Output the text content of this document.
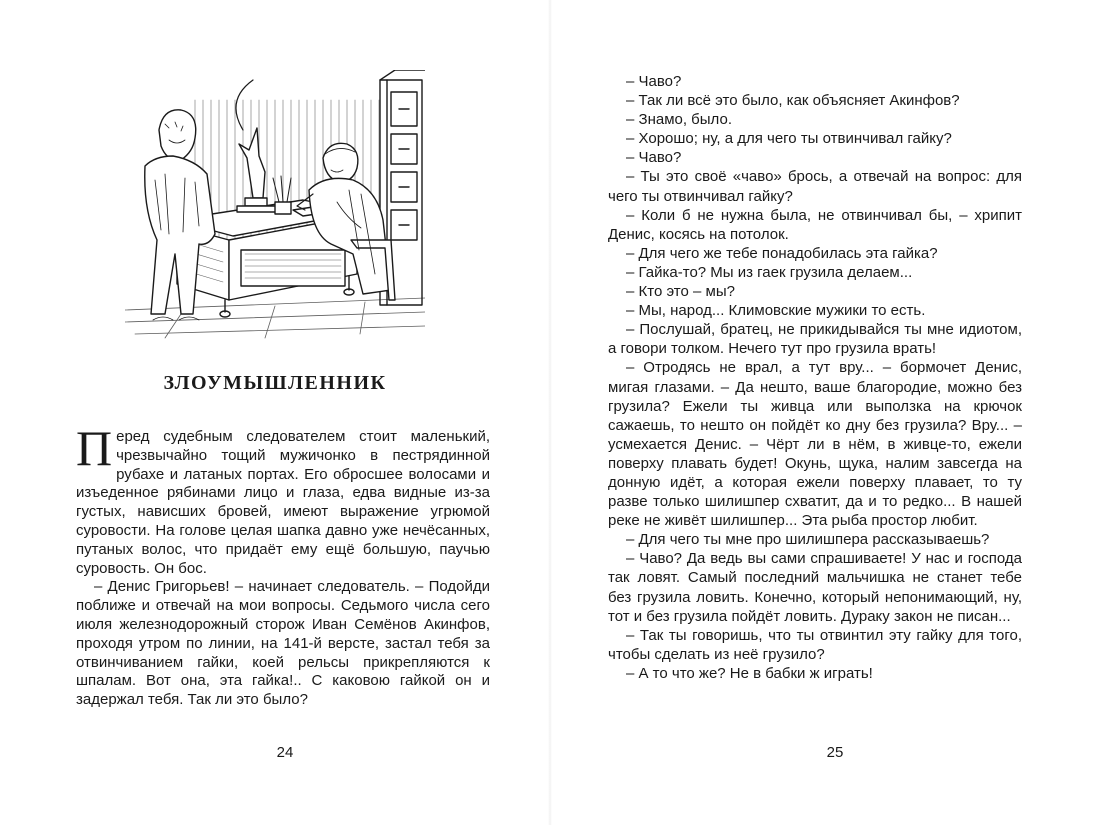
ЗЛОУМЫШЛЕННИК

Перед судебным следователем стоит маленький, чрезвычайно тощий мужичонко в пестрядинной рубахе и латаных портах. Его обросшее волосами и изъеденное рябинами лицо и глаза, едва видные из-за густых, нависших бровей, имеют выражение угрюмой суровости. На голове целая шапка давно уже нечёсанных, путаных волос, что придаёт ему ещё большую, паучью суровость. Он бос.

– Денис Григорьев! – начинает следователь. – Подойди поближе и отвечай на мои вопросы. Седьмого числа сего июля железнодорожный сторож Иван Семёнов Акинфов, проходя утром по линии, на 141-й версте, застал тебя за отвинчиванием гайки, коей рельсы прикрепляются к шпалам. Вот она, эта гайка!.. С каковою гайкой он и задержал тебя. Так ли это было?

24

– Чаво?

– Так ли всё это было, как объясняет Акинфов?

– Знамо, было.

– Хорошо; ну, а для чего ты отвинчивал гайку?

– Чаво?

– Ты это своё «чаво» брось, а отвечай на вопрос: для чего ты отвинчивал гайку?

– Коли б не нужна была, не отвинчивал бы, – хрипит Денис, косясь на потолок.

– Для чего же тебе понадобилась эта гайка?

– Гайка-то? Мы из гаек грузила делаем...

– Кто это – мы?

– Мы, народ... Климовские мужики то есть.

– Послушай, братец, не прикидывайся ты мне идиотом, а говори толком. Нечего тут про грузила врать!

– Отродясь не врал, а тут вру... – бормочет Денис, мигая глазами. – Да нешто, ваше благородие, можно без грузила? Ежели ты живца или выползка на крючок сажаешь, то нешто он пойдёт ко дну без грузила? Вру... – усмехается Денис. – Чёрт ли в нём, в живце-то, ежели поверху плавать будет! Окунь, щука, налим завсегда на донную идёт, а которая ежели поверху плавает, то ту разве только шилишпер схватит, да и то редко... В нашей реке не живёт шилишпер... Эта рыба простор любит.

– Для чего ты мне про шилишпера рассказываешь?

– Чаво? Да ведь вы сами спрашиваете! У нас и господа так ловят. Самый последний мальчишка не станет тебе без грузила ловить. Конечно, который непонимающий, ну, тот и без грузила пойдёт ловить. Дураку закон не писан...

– Так ты говоришь, что ты отвинтил эту гайку для того, чтобы сделать из неё грузило?

– А то что же? Не в бабки ж играть!

25
